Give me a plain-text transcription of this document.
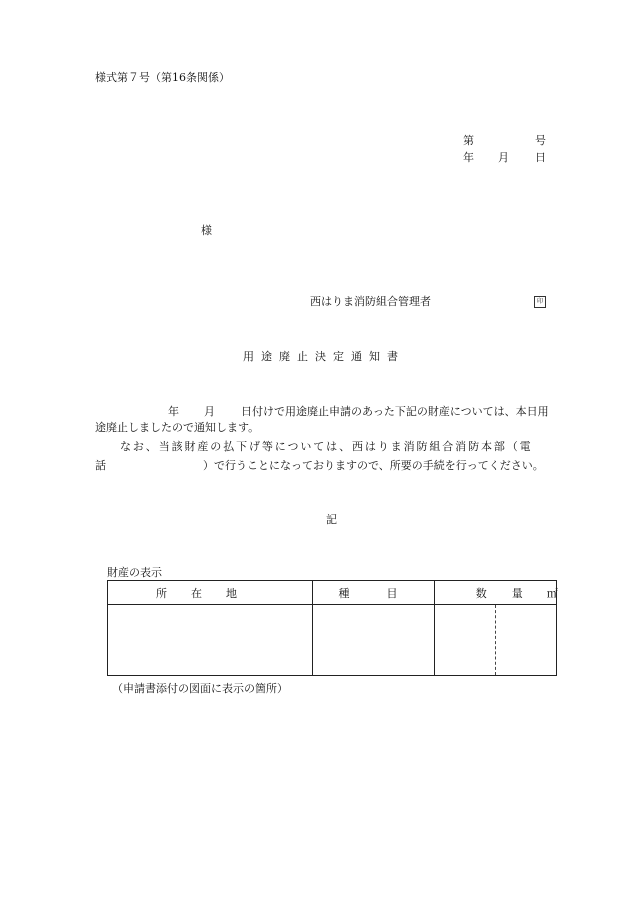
様式第７号（第16条関係）
第	号
年 月 日
様
西はりま消防組合管理者	印
用途廃止決定通知書
年 月 日付けで用途廃止申請のあった下記の財産については、本日用
途廃止しましたので通知します。
なお、当該財産の払下げ等については、西はりま消防組合消防本部（電
話	）で行うことになっておりますので、所要の手続を行ってください。
記
財産の表示
所 在 地	種 目	数 量 ㎡	

（申請書添付の図面に表示の箇所）
